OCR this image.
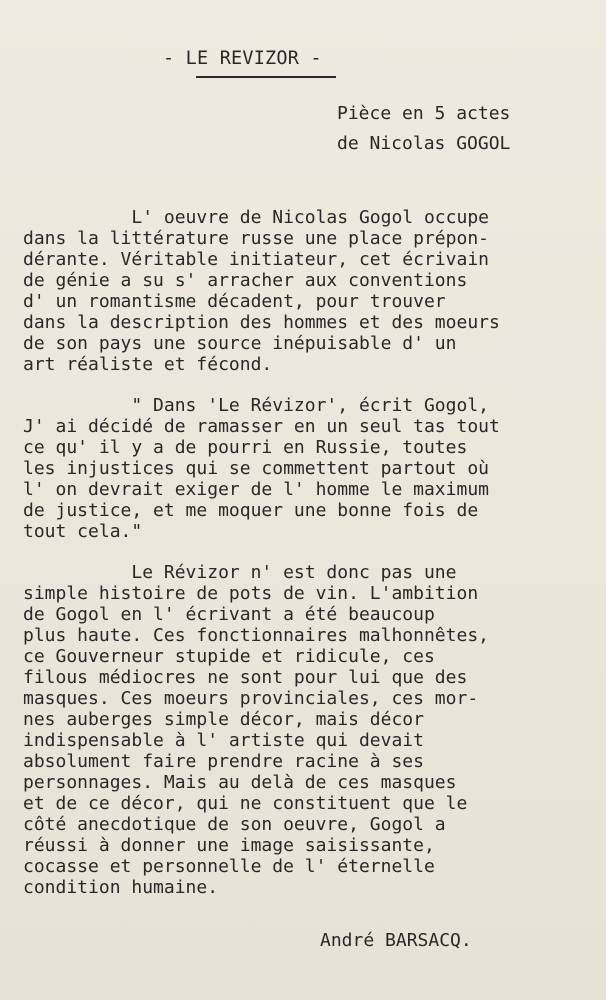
- LE REVIZOR -
Pièce en 5 actes
de Nicolas GOGOL
L' oeuvre de Nicolas Gogol occupe
dans la littérature russe une place prépon-
dérante. Véritable initiateur, cet écrivain
de génie a su s' arracher aux conventions
d' un romantisme décadent, pour trouver
dans la description des hommes et des moeurs
de son pays une source inépuisable d' un
art réaliste et fécond.
" Dans 'Le Révizor', écrit Gogol,
J' ai décidé de ramasser en un seul tas tout
ce qu' il y a de pourri en Russie, toutes
les injustices qui se commettent partout où
l' on devrait exiger de l' homme le maximum
de justice, et me moquer une bonne fois de
tout cela."
Le Révizor n' est donc pas une
simple histoire de pots de vin. L'ambition
de Gogol en l' écrivant a été beaucoup
plus haute. Ces fonctionnaires malhonnêtes,
ce Gouverneur stupide et ridicule, ces
filous médiocres ne sont pour lui que des
masques. Ces moeurs provinciales, ces mor-
nes auberges simple décor, mais décor
indispensable à l' artiste qui devait
absolument faire prendre racine à ses
personnages. Mais au delà de ces masques
et de ce décor, qui ne constituent que le
côté anecdotique de son oeuvre, Gogol a
réussi à donner une image saisissante,
cocasse et personnelle de l' éternelle
condition humaine.
André BARSACQ.
